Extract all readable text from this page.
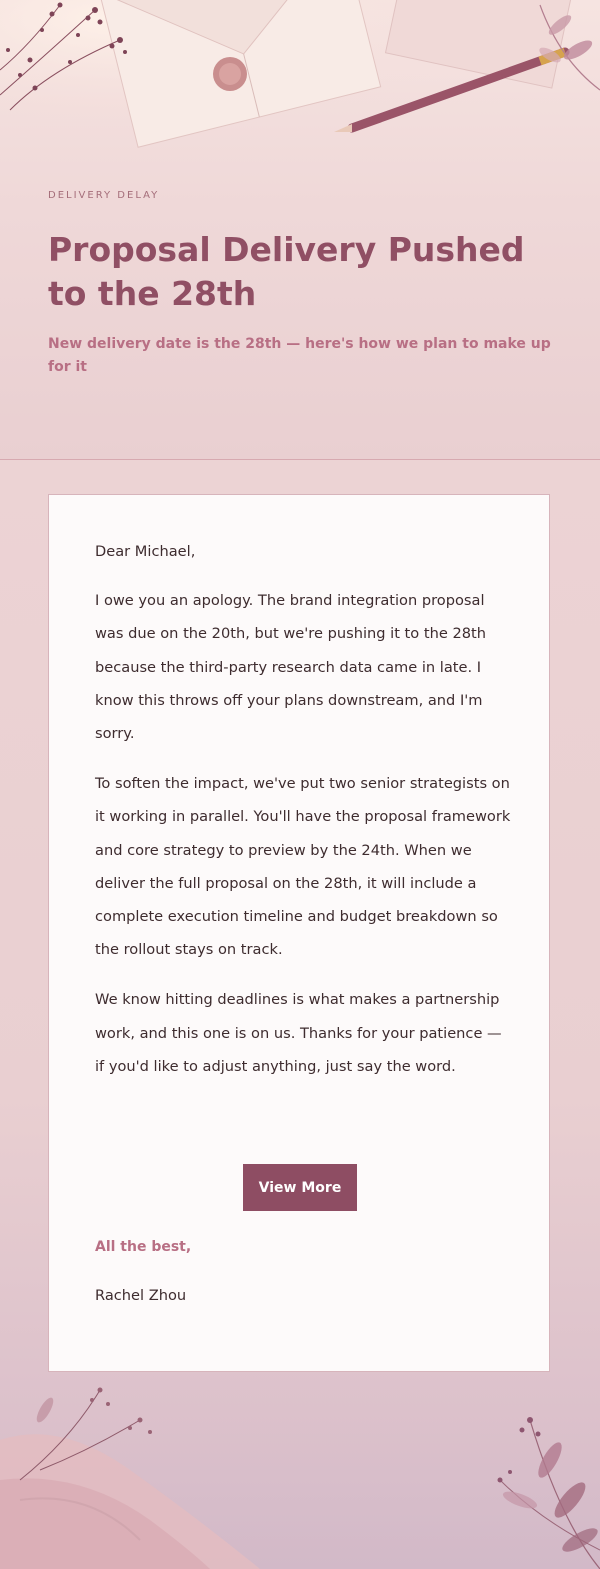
DELIVERY DELAY
Proposal Delivery Pushed to the 28th

New delivery date is the 28th — here's how we plan to make up for it

Dear Michael,

I owe you an apology. The brand integration proposal was due on the 20th, but we're pushing it to the 28th because the third-party research data came in late. I know this throws off your plans downstream, and I'm sorry.

To soften the impact, we've put two senior strategists on it working in parallel. You'll have the proposal framework and core strategy to preview by the 24th. When we deliver the full proposal on the 28th, it will include a complete execution timeline and budget breakdown so the rollout stays on track.

We know hitting deadlines is what makes a partnership work, and this one is on us. Thanks for your patience — if you'd like to adjust anything, just say the word.

View More
All the best,
Rachel Zhou
